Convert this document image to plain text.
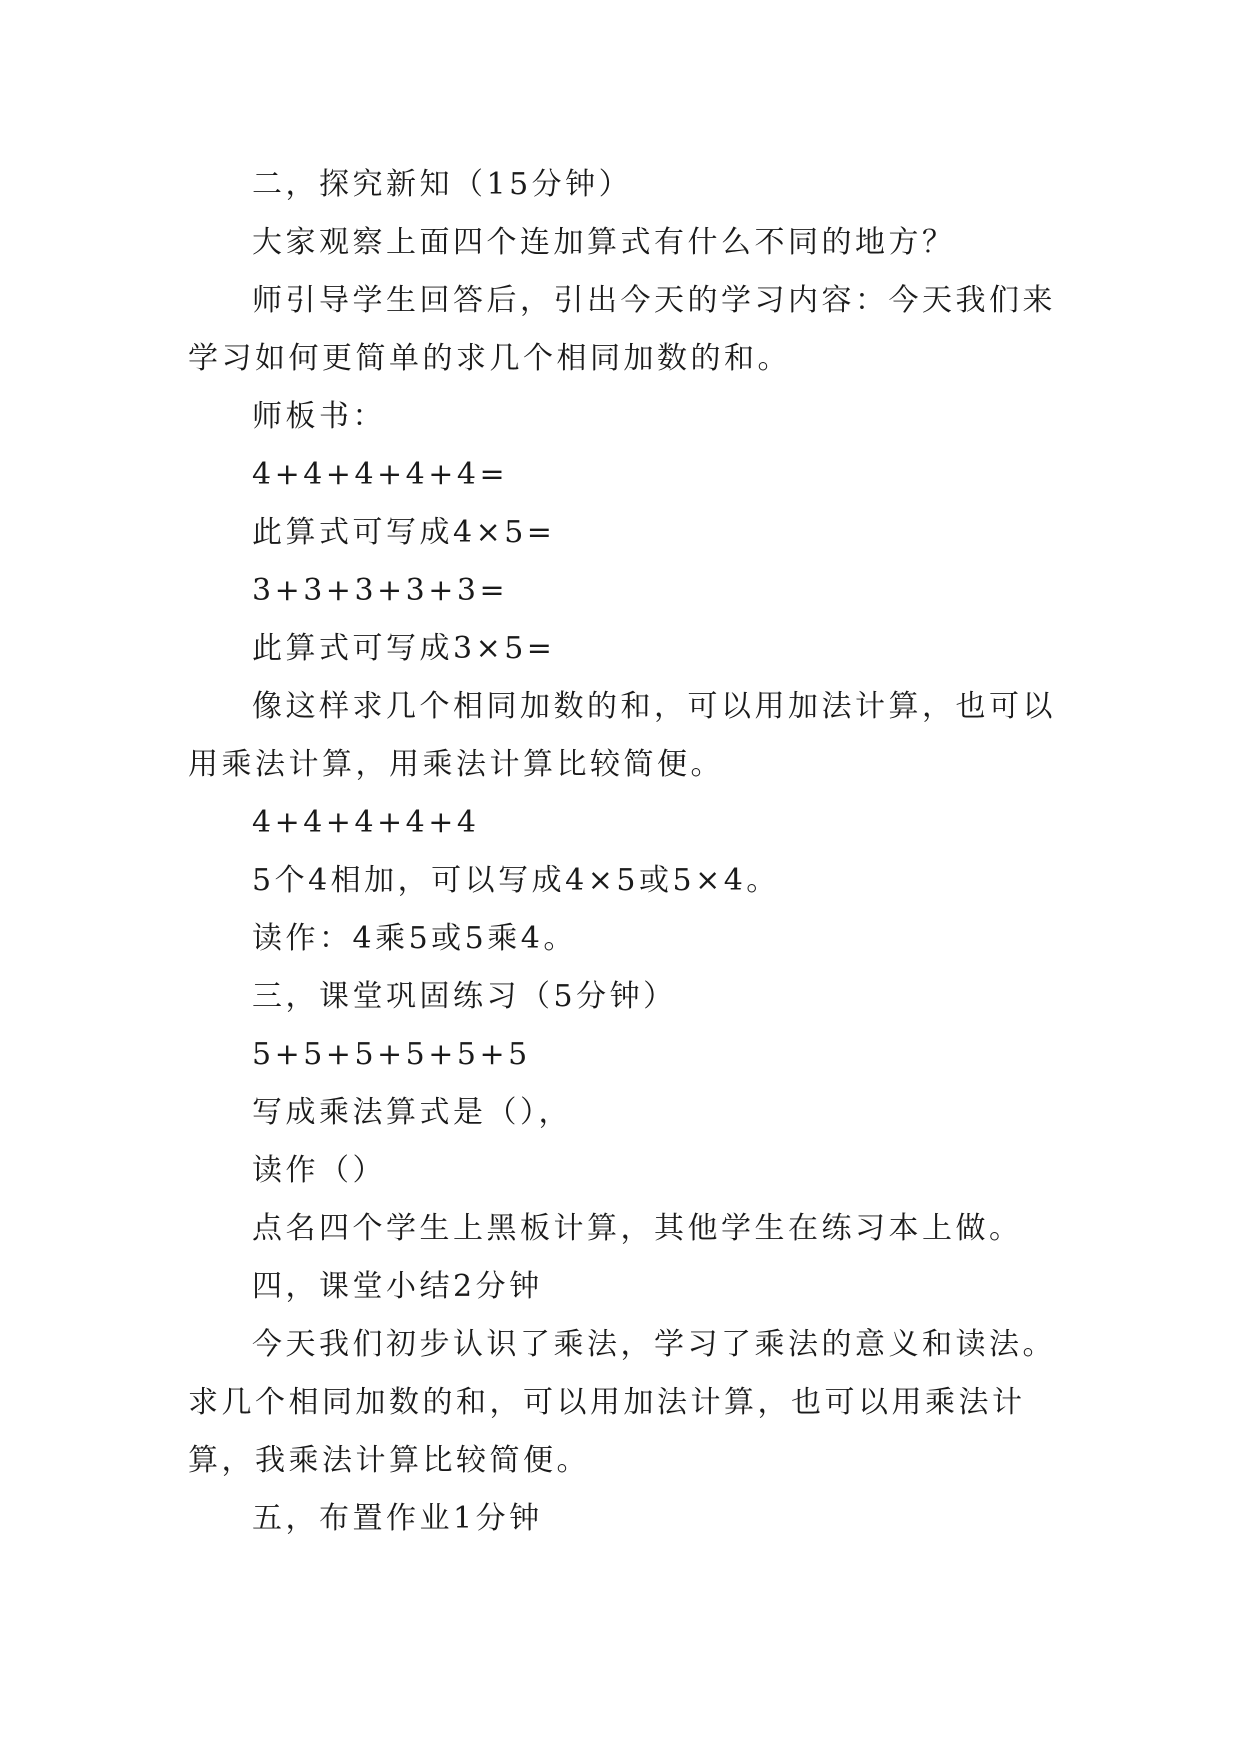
二，探究新知（15分钟）

大家观察上面四个连加算式有什么不同的地方？

师引导学生回答后，引出今天的学习内容：今天我们来学习如何更简单的求几个相同加数的和。

师板书：

4+4+4+4+4=

此算式可写成4×5=

3+3+3+3+3=

此算式可写成3×5=

像这样求几个相同加数的和，可以用加法计算，也可以用乘法计算，用乘法计算比较简便。

4+4+4+4+4

5个4相加，可以写成4×5或5×4。

读作：4乘5或5乘4。

三，课堂巩固练习（5分钟）

5+5+5+5+5+5

写成乘法算式是（），

读作（）

点名四个学生上黑板计算，其他学生在练习本上做。

四，课堂小结2分钟

今天我们初步认识了乘法，学习了乘法的意义和读法。求几个相同加数的和，可以用加法计算，也可以用乘法计算，我乘法计算比较简便。

五，布置作业1分钟
